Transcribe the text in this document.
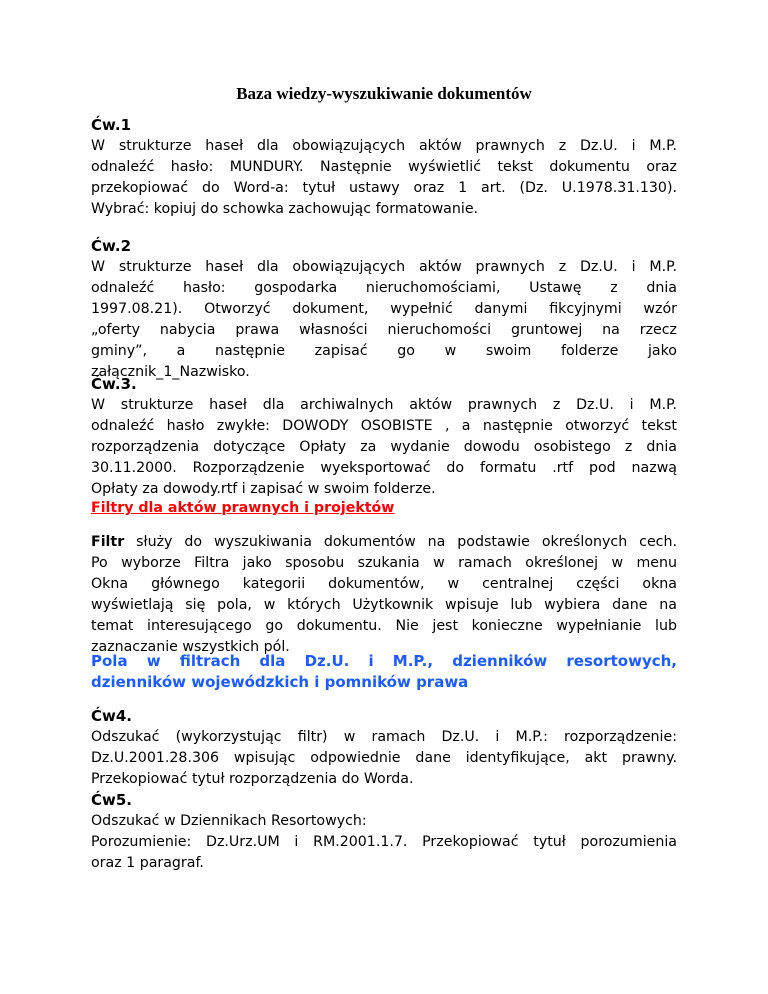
Baza wiedzy-wyszukiwanie dokumentów
Ćw.1
W strukturze haseł dla obowiązujących aktów prawnych z Dz.U. i M.P.
odnaleźć hasło: MUNDURY. Następnie wyświetlić tekst dokumentu oraz
przekopiować do Word-a: tytuł ustawy oraz 1 art. (Dz. U.1978.31.130).
Wybrać: kopiuj do schowka zachowując formatowanie.
Ćw.2
W strukturze haseł dla obowiązujących aktów prawnych z Dz.U. i M.P.
odnaleźć hasło: gospodarka nieruchomościami, Ustawę z dnia
1997.08.21). Otworzyć dokument, wypełnić danymi fikcyjnymi wzór
„oferty nabycia prawa własności nieruchomości gruntowej na rzecz
gminy”, a następnie zapisać go w swoim folderze jako
załącznik_1_Nazwisko.
Ćw.3.
W strukturze haseł dla archiwalnych aktów prawnych z Dz.U. i M.P.
odnaleźć hasło zwykłe: DOWODY OSOBISTE , a następnie otworzyć tekst
rozporządzenia dotyczące Opłaty za wydanie dowodu osobistego z dnia
30.11.2000. Rozporządzenie wyeksportować do formatu .rtf pod nazwą
Opłaty za dowody.rtf i zapisać w swoim folderze.
Filtry dla aktów prawnych i projektów
Filtr służy do wyszukiwania dokumentów na podstawie określonych cech.
Po wyborze Filtra jako sposobu szukania w ramach określonej w menu
Okna głównego kategorii dokumentów, w centralnej części okna
wyświetlają się pola, w których Użytkownik wpisuje lub wybiera dane na
temat interesującego go dokumentu. Nie jest konieczne wypełnianie lub
zaznaczanie wszystkich pól.
Pola w filtrach dla Dz.U. i M.P., dzienników resortowych,
dzienników wojewódzkich i pomników prawa
Ćw4.
Odszukać (wykorzystując filtr) w ramach Dz.U. i M.P.: rozporządzenie:
Dz.U.2001.28.306 wpisując odpowiednie dane identyfikujące, akt prawny.
Przekopiować tytuł rozporządzenia do Worda.
Ćw5.
Odszukać w Dziennikach Resortowych:
Porozumienie: Dz.Urz.UM i RM.2001.1.7. Przekopiować tytuł porozumienia
oraz 1 paragraf.
